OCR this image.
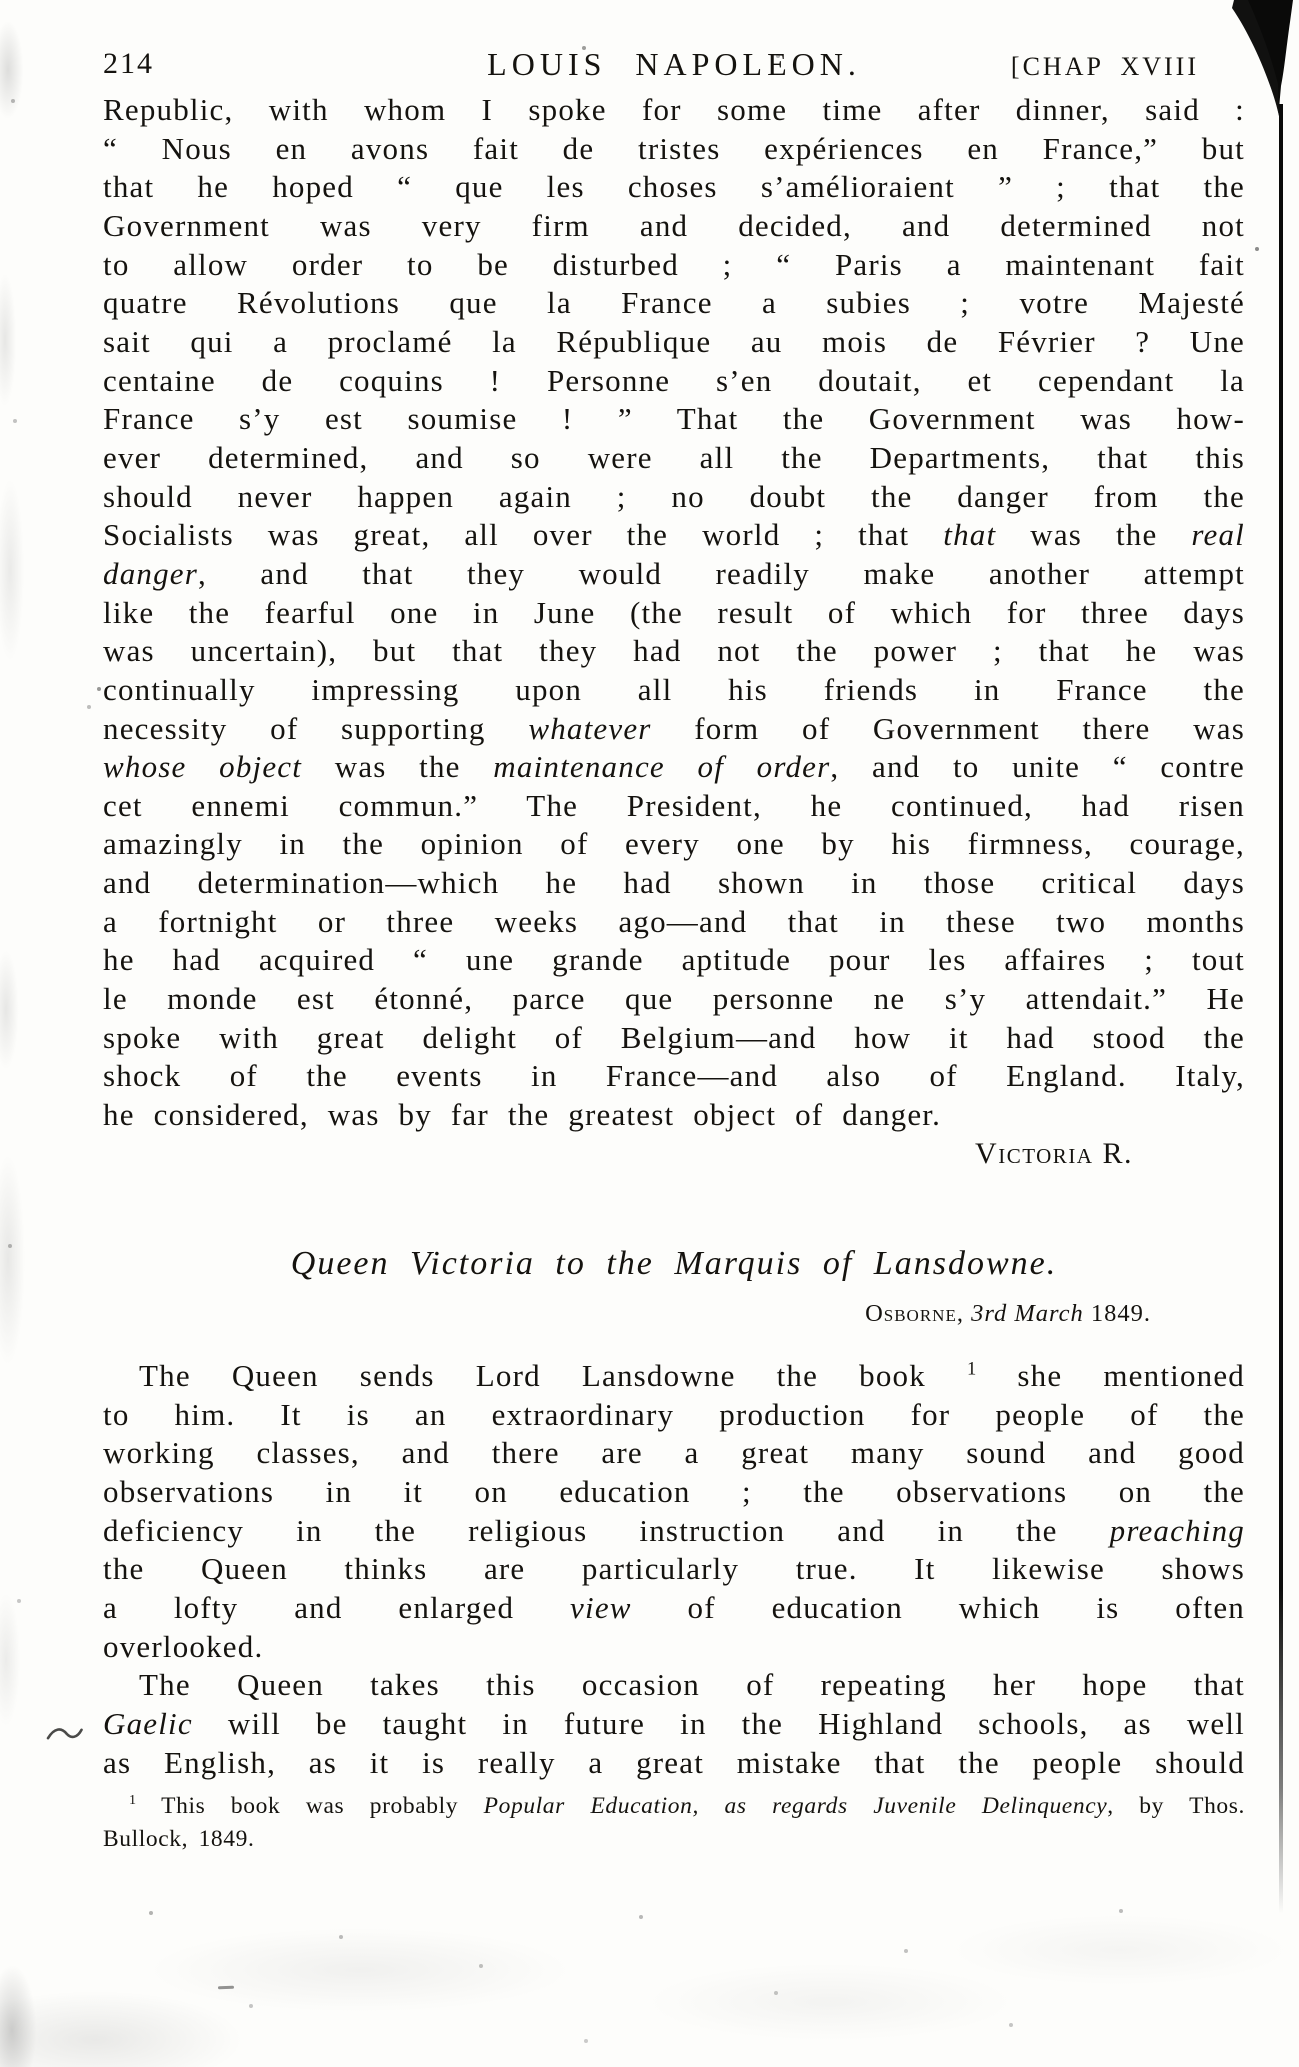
214	LOUIS NAPOLEON.	[CHAP XVIII
Republic, with whom I spoke for some time after dinner, said :
“ Nous en avons fait de tristes expériences en France,” but
that he hoped “ que les choses s’amélioraient ” ; that the
Government was very firm and decided, and determined not
to allow order to be disturbed ; “ Paris a maintenant fait
quatre Révolutions que la France a subies ; votre Majesté
sait qui a proclamé la République au mois de Février ? Une
centaine de coquins ! Personne s’en doutait, et cependant la
France s’y est soumise ! ” That the Government was how-
ever determined, and so were all the Departments, that this
should never happen again ; no doubt the danger from the
Socialists was great, all over the world ; that that was the real
danger, and that they would readily make another attempt
like the fearful one in June (the result of which for three days
was uncertain), but that they had not the power ; that he was
continually impressing upon all his friends in France the
necessity of supporting whatever form of Government there was
whose object was the maintenance of order, and to unite “ contre
cet ennemi commun.” The President, he continued, had risen
amazingly in the opinion of every one by his firmness, courage,
and determination—which he had shown in those critical days
a fortnight or three weeks ago—and that in these two months
he had acquired “ une grande aptitude pour les affaires ; tout
le monde est étonné, parce que personne ne s’y attendait.” He
spoke with great delight of Belgium—and how it had stood the
shock of the events in France—and also of England. Italy,
he considered, was by far the greatest object of danger.
Victoria R.
Queen Victoria to the Marquis of Lansdowne.
Osborne, 3rd March 1849.
The Queen sends Lord Lansdowne the book $^1$ she mentioned
to him. It is an extraordinary production for people of the
working classes, and there are a great many sound and good
observations in it on education ; the observations on the
deficiency in the religious instruction and in the preaching
the Queen thinks are particularly true. It likewise shows
a lofty and enlarged view of education which is often
overlooked.
The Queen takes this occasion of repeating her hope that
Gaelic will be taught in future in the Highland schools, as well
as English, as it is really a great mistake that the people should
$^1$ This book was probably Popular Education, as regards Juvenile Delinquency, by Thos.
Bullock, 1849.
